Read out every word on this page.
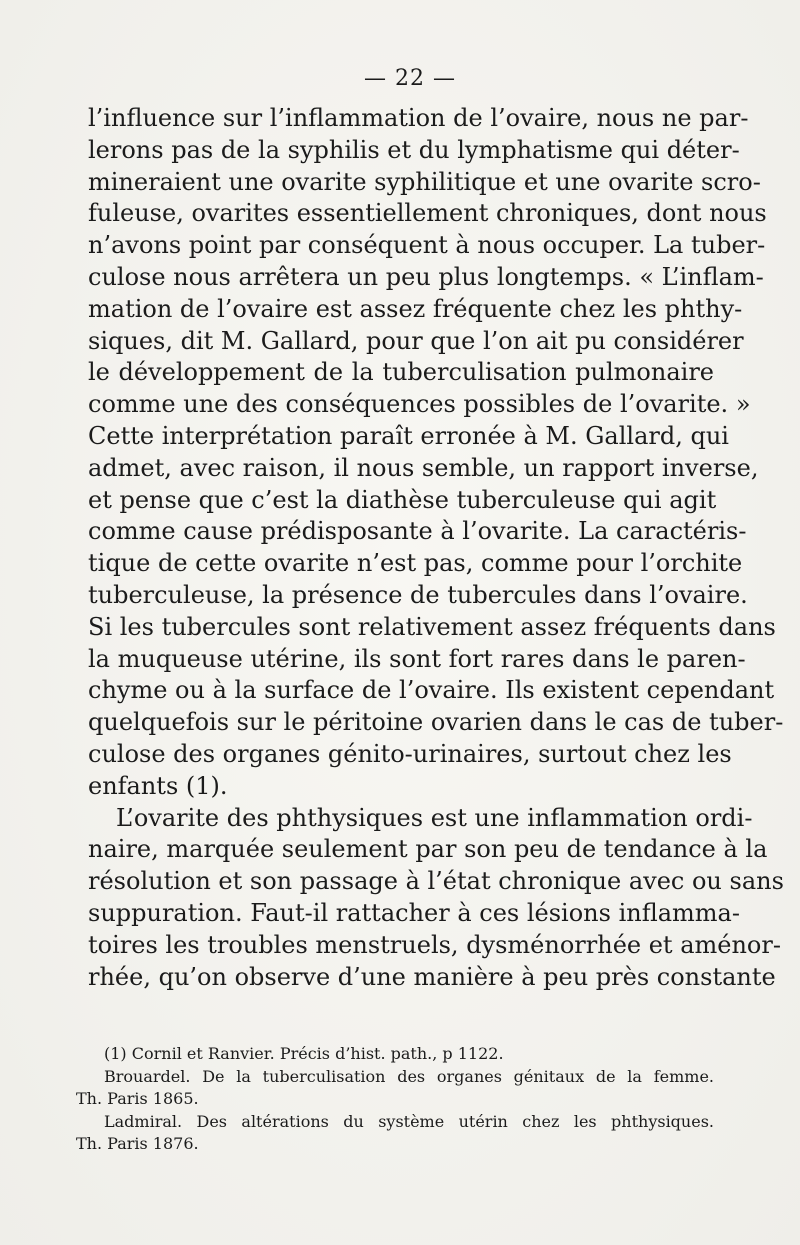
— 22 —
l’influence sur l’inflammation de l’ovaire, nous ne par-
lerons pas de la syphilis et du lymphatisme qui déter-
mineraient une ovarite syphilitique et une ovarite scro-
fuleuse, ovarites essentiellement chroniques, dont nous
n’avons point par conséquent à nous occuper. La tuber-
culose nous arrêtera un peu plus longtemps. « L’inflam-
mation de l’ovaire est assez fréquente chez les phthy-
siques, dit M. Gallard, pour que l’on ait pu considérer
le développement de la tuberculisation pulmonaire
comme une des conséquences possibles de l’ovarite. »
Cette interprétation paraît erronée à M. Gallard, qui
admet, avec raison, il nous semble, un rapport inverse,
et pense que c’est la diathèse tuberculeuse qui agit
comme cause prédisposante à l’ovarite. La caractéris-
tique de cette ovarite n’est pas, comme pour l’orchite
tuberculeuse, la présence de tubercules dans l’ovaire.
Si les tubercules sont relativement assez fréquents dans
la muqueuse utérine, ils sont fort rares dans le paren-
chyme ou à la surface de l’ovaire. Ils existent cependant
quelquefois sur le péritoine ovarien dans le cas de tuber-
culose des organes génito-urinaires, surtout chez les
enfants (1).
L’ovarite des phthysiques est une inflammation ordi-
naire, marquée seulement par son peu de tendance à la
résolution et son passage à l’état chronique avec ou sans
suppuration. Faut-il rattacher à ces lésions inflamma-
toires les troubles menstruels, dysménorrhée et aménor-
rhée, qu’on observe d’une manière à peu près constante
(1) Cornil et Ranvier. Précis d’hist. path., p 1122.
Brouardel. De la tuberculisation des organes génitaux de la femme.
Th. Paris 1865.
Ladmiral. Des altérations du système utérin chez les phthysiques.
Th. Paris 1876.
